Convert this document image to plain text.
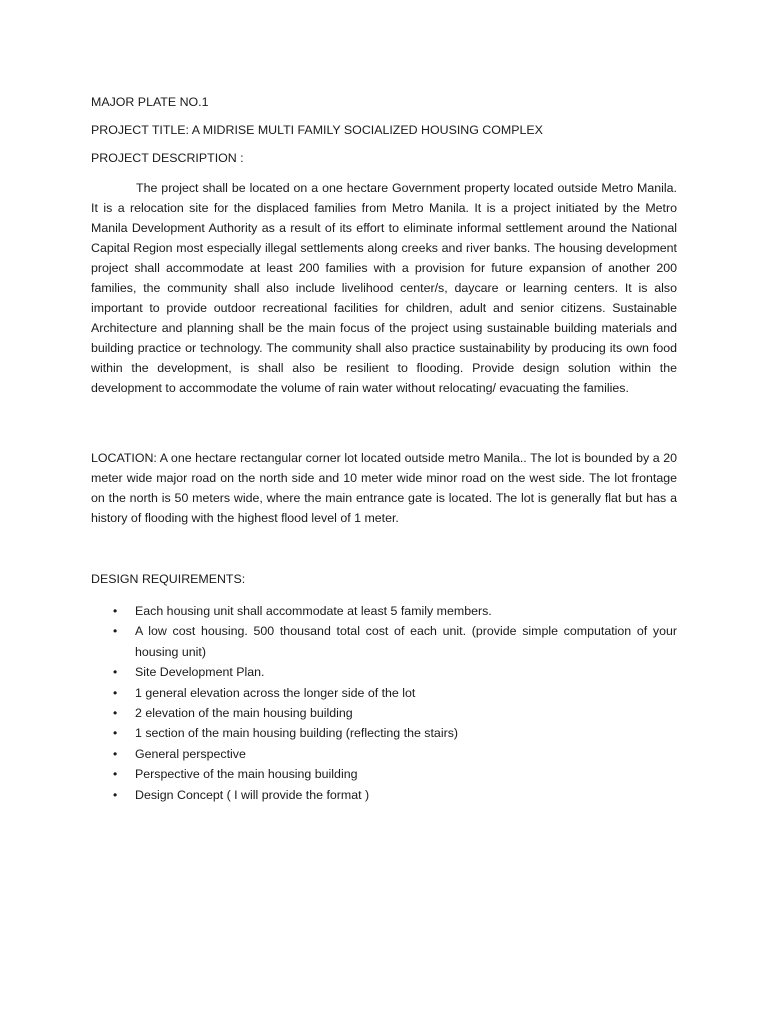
MAJOR PLATE NO.1

PROJECT TITLE: A MIDRISE MULTI FAMILY SOCIALIZED HOUSING COMPLEX

PROJECT DESCRIPTION :

The project shall be located on a one hectare Government property located outside Metro Manila. It is a relocation site for the displaced families from Metro Manila. It is a project initiated by the Metro Manila Development Authority as a result of its effort to eliminate informal settlement around the National Capital Region most especially illegal settlements along creeks and river banks. The housing development project shall accommodate at least 200 families with a provision for future expansion of another 200 families, the community shall also include livelihood center/s, daycare or learning centers. It is also important to provide outdoor recreational facilities for children, adult and senior citizens. Sustainable Architecture and planning shall be the main focus of the project using sustainable building materials and building practice or technology. The community shall also practice sustainability by producing its own food within the development, is shall also be resilient to flooding. Provide design solution within the development to accommodate the volume of rain water without relocating/ evacuating the families.

LOCATION: A one hectare rectangular corner lot located outside metro Manila.. The lot is bounded by a 20 meter wide major road on the north side and 10 meter wide minor road on the west side. The lot frontage on the north is 50 meters wide, where the main entrance gate is located. The lot is generally flat but has a history of flooding with the highest flood level of 1 meter.

DESIGN REQUIREMENTS:

• Each housing unit shall accommodate at least 5 family members.
• A low cost housing. 500 thousand total cost of each unit. (provide simple computation of your housing unit)
• Site Development Plan.
• 1 general elevation across the longer side of the lot
• 2 elevation of the main housing building
• 1 section of the main housing building (reflecting the stairs)
• General perspective
• Perspective of the main housing building
• Design Concept ( I will provide the format )
